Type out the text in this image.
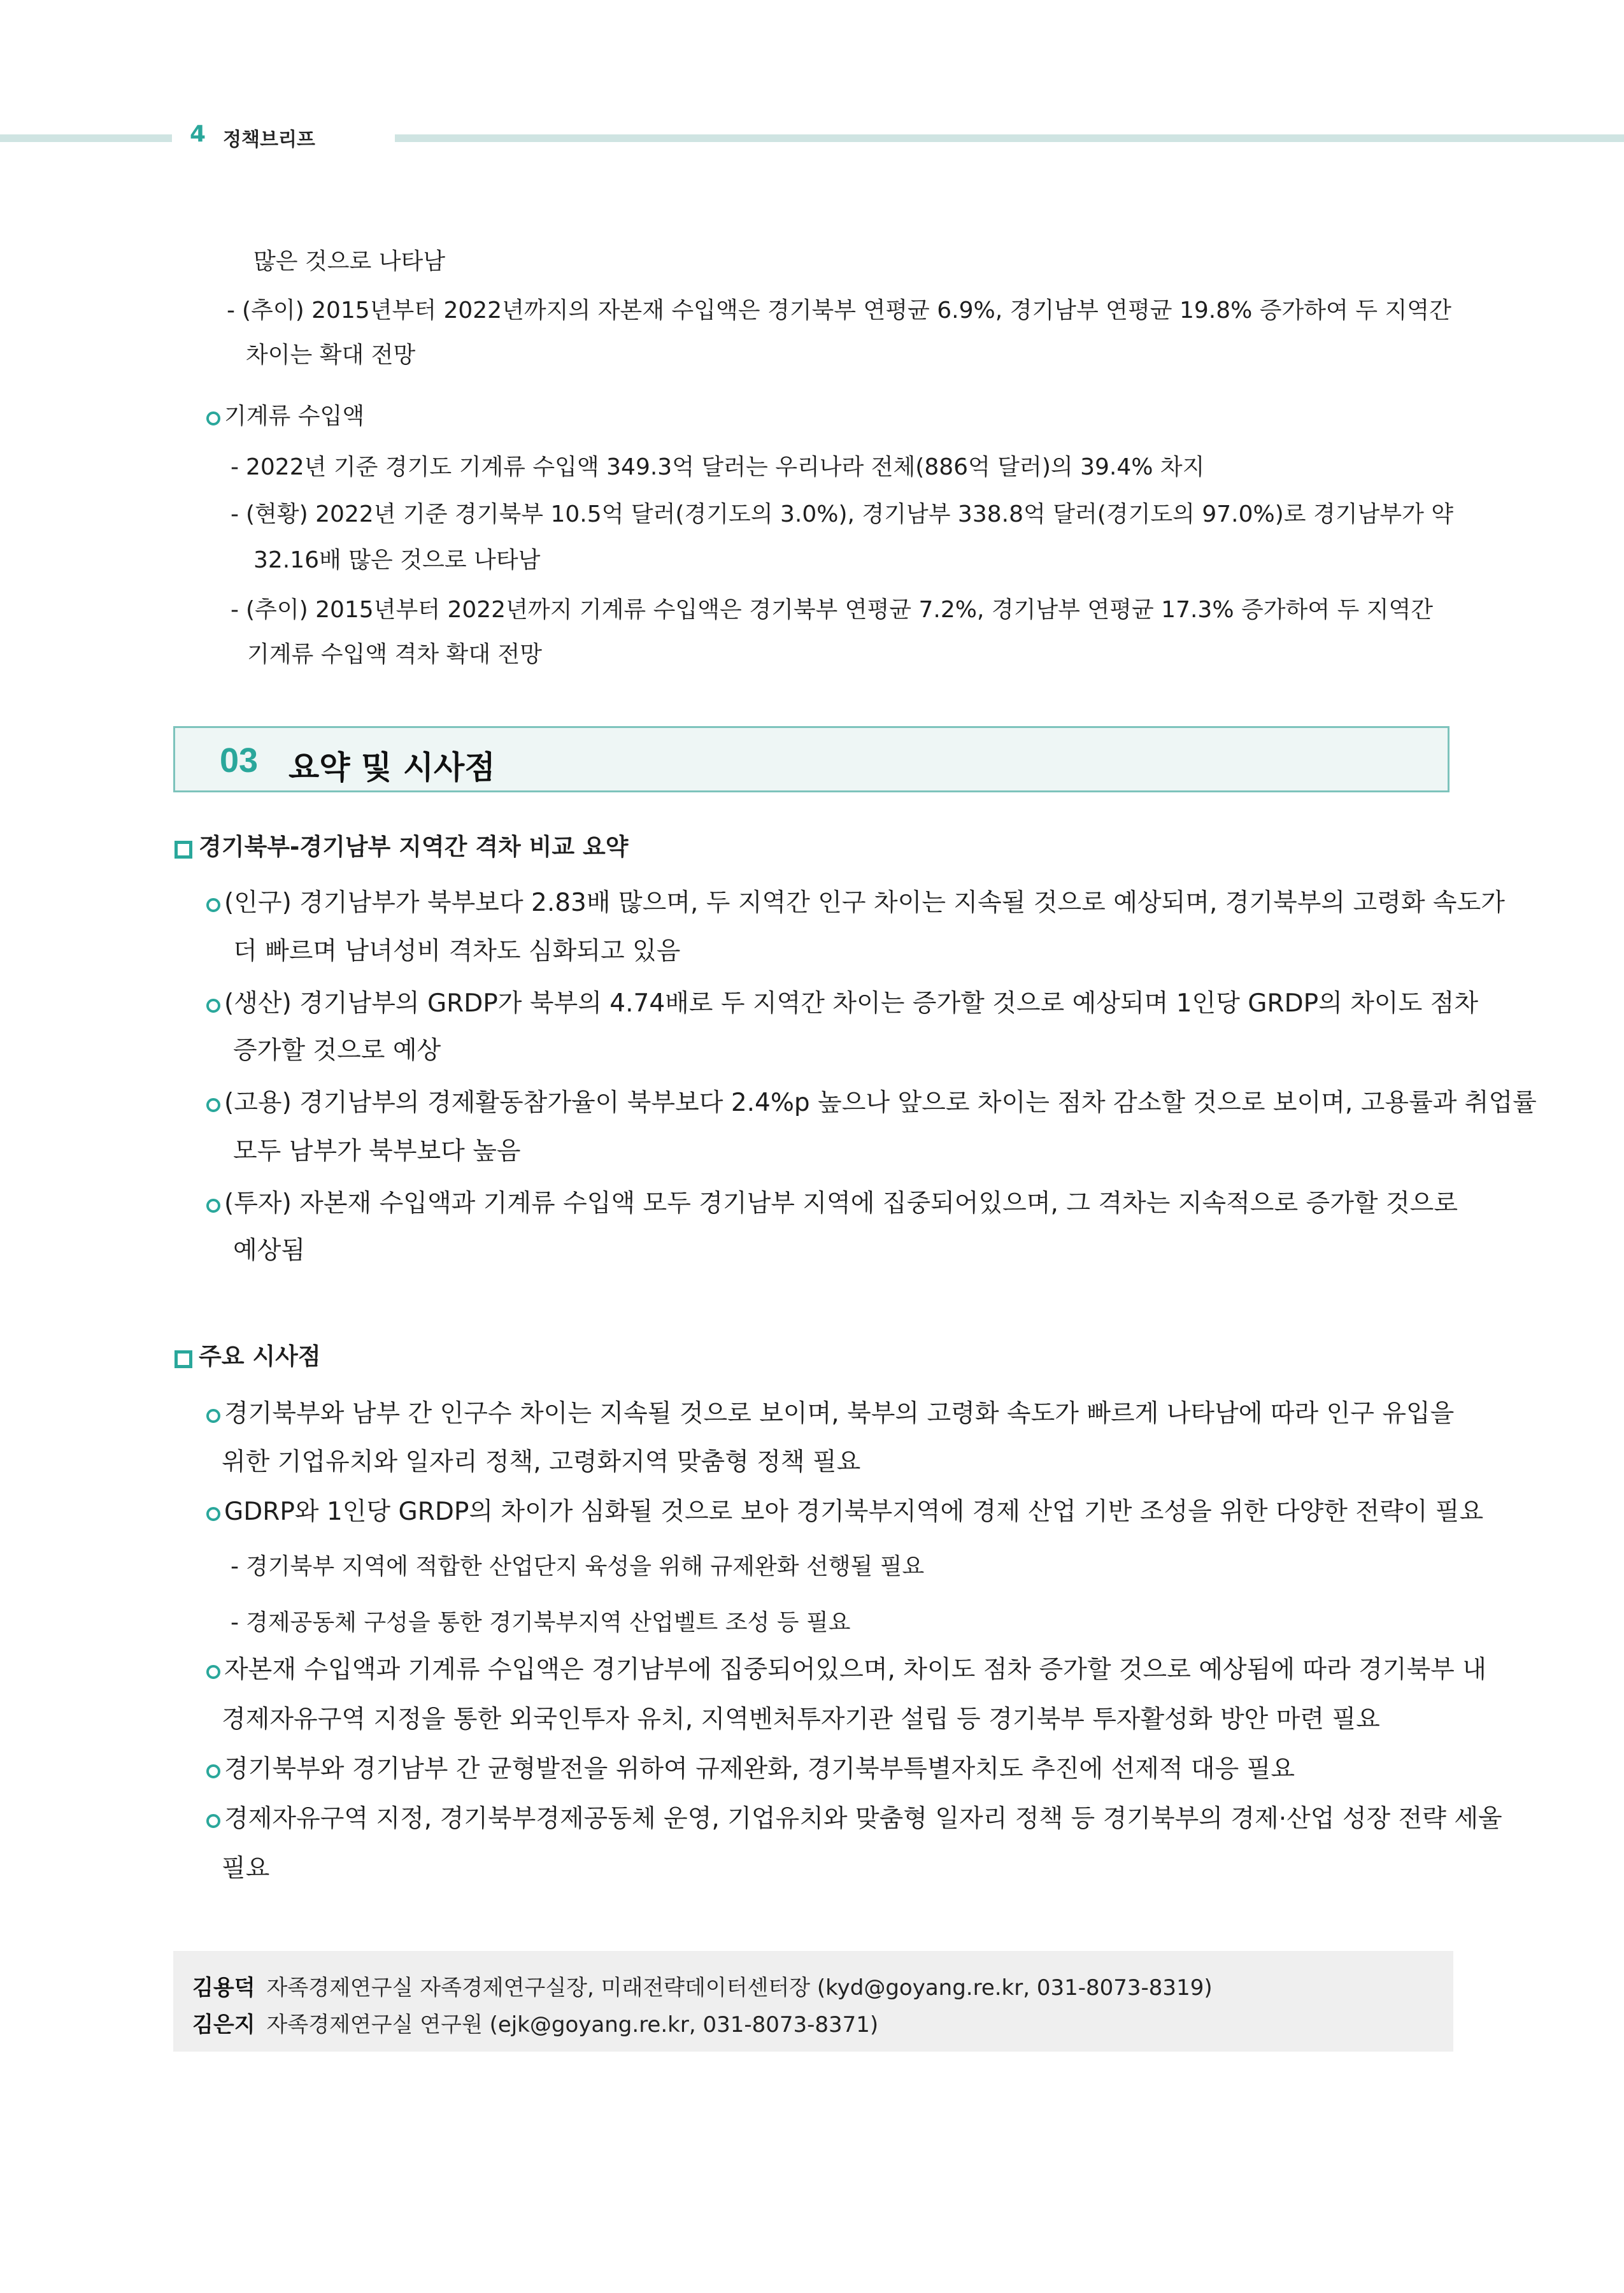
4 정책브리프
많은 것으로 나타남
- (추이) 2015년부터 2022년까지의 자본재 수입액은 경기북부 연평균 6.9%, 경기남부 연평균 19.8% 증가하여 두 지역간
차이는 확대 전망
기계류 수입액
- 2022년 기준 경기도 기계류 수입액 349.3억 달러는 우리나라 전체(886억 달러)의 39.4% 차지
- (현황) 2022년 기준 경기북부 10.5억 달러(경기도의 3.0%), 경기남부 338.8억 달러(경기도의 97.0%)로 경기남부가 약
32.16배 많은 것으로 나타남
- (추이) 2015년부터 2022년까지 기계류 수입액은 경기북부 연평균 7.2%, 경기남부 연평균 17.3% 증가하여 두 지역간
기계류 수입액 격차 확대 전망
03 요약 및 시사점
경기북부-경기남부 지역간 격차 비교 요약
(인구) 경기남부가 북부보다 2.83배 많으며, 두 지역간 인구 차이는 지속될 것으로 예상되며, 경기북부의 고령화 속도가
더 빠르며 남녀성비 격차도 심화되고 있음
(생산) 경기남부의 GRDP가 북부의 4.74배로 두 지역간 차이는 증가할 것으로 예상되며 1인당 GRDP의 차이도 점차
증가할 것으로 예상
(고용) 경기남부의 경제활동참가율이 북부보다 2.4%p 높으나 앞으로 차이는 점차 감소할 것으로 보이며, 고용률과 취업률
모두 남부가 북부보다 높음
(투자) 자본재 수입액과 기계류 수입액 모두 경기남부 지역에 집중되어있으며, 그 격차는 지속적으로 증가할 것으로
예상됨
주요 시사점
경기북부와 남부 간 인구수 차이는 지속될 것으로 보이며, 북부의 고령화 속도가 빠르게 나타남에 따라 인구 유입을
위한 기업유치와 일자리 정책, 고령화지역 맞춤형 정책 필요
GDRP와 1인당 GRDP의 차이가 심화될 것으로 보아 경기북부지역에 경제 산업 기반 조성을 위한 다양한 전략이 필요
- 경기북부 지역에 적합한 산업단지 육성을 위해 규제완화 선행될 필요
- 경제공동체 구성을 통한 경기북부지역 산업벨트 조성 등 필요
자본재 수입액과 기계류 수입액은 경기남부에 집중되어있으며, 차이도 점차 증가할 것으로 예상됨에 따라 경기북부 내
경제자유구역 지정을 통한 외국인투자 유치, 지역벤처투자기관 설립 등 경기북부 투자활성화 방안 마련 필요
경기북부와 경기남부 간 균형발전을 위하여 규제완화, 경기북부특별자치도 추진에 선제적 대응 필요
경제자유구역 지정, 경기북부경제공동체 운영, 기업유치와 맞춤형 일자리 정책 등 경기북부의 경제·산업 성장 전략 세울
필요
김용덕 자족경제연구실 자족경제연구실장, 미래전략데이터센터장 (kyd@goyang.re.kr, 031-8073-8319)
김은지 자족경제연구실 연구원 (ejk@goyang.re.kr, 031-8073-8371)
